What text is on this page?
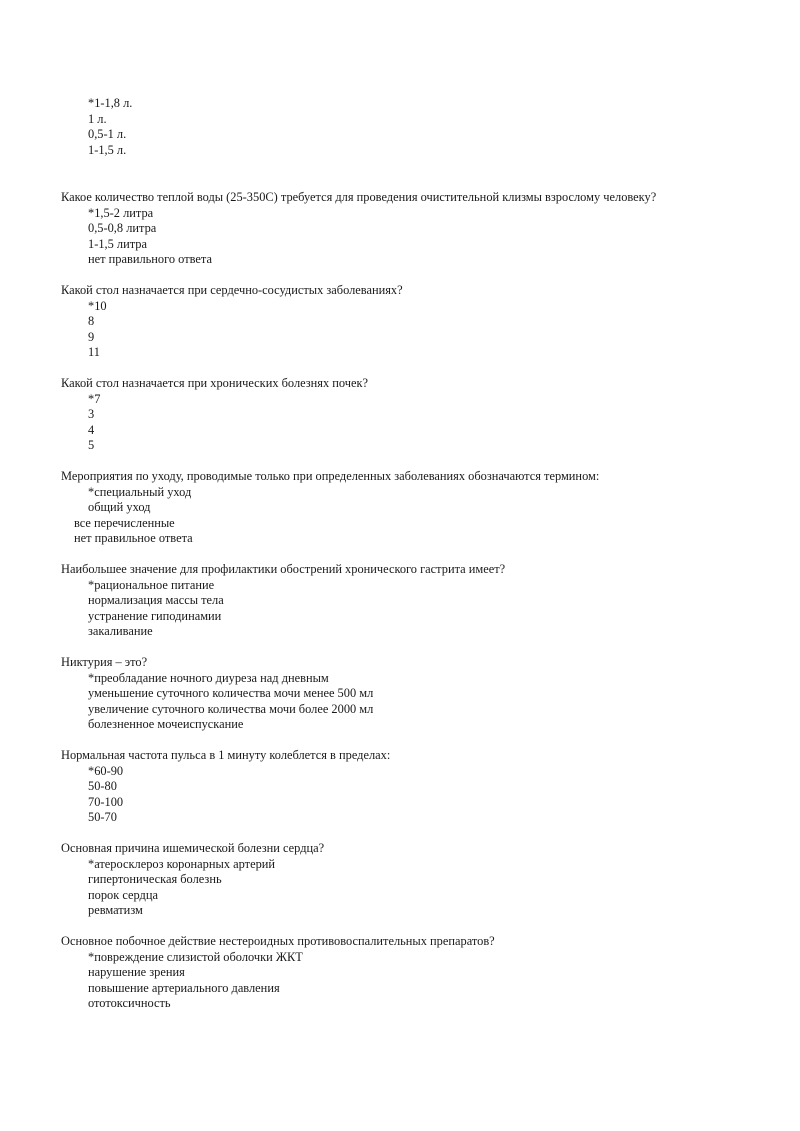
*1-1,8 л.
1 л.
0,5-1 л.
1-1,5 л.
Какое количество теплой воды (25-350С) требуется для проведения очистительной клизмы взрослому человеку?
*1,5-2 литра
0,5-0,8 литра
1-1,5 литра
нет правильного ответа
Какой стол назначается при сердечно-сосудистых заболеваниях?
*10
8
9
11
Какой стол назначается при хронических болезнях почек?
*7
3
4
5
Мероприятия по уходу, проводимые только при определенных заболеваниях обозначаются термином:
*специальный уход
общий уход
все перечисленные
нет правильное ответа
Наибольшее значение для профилактики обострений хронического гастрита имеет?
*рациональное питание
нормализация массы тела
устранение гиподинамии
закаливание
Никтурия – это?
*преобладание ночного диуреза над дневным
уменьшение суточного количества мочи менее 500 мл
увеличение суточного количества мочи более 2000 мл
болезненное мочеиспускание
Нормальная частота пульса в 1 минуту колеблется в пределах:
*60-90
50-80
70-100
50-70
Основная причина ишемической болезни сердца?
*атеросклероз коронарных артерий
гипертоническая болезнь
порок сердца
ревматизм
Основное побочное действие нестероидных противовоспалительных препаратов?
*повреждение слизистой оболочки ЖКТ
нарушение зрения
повышение артериального давления
ототоксичность
